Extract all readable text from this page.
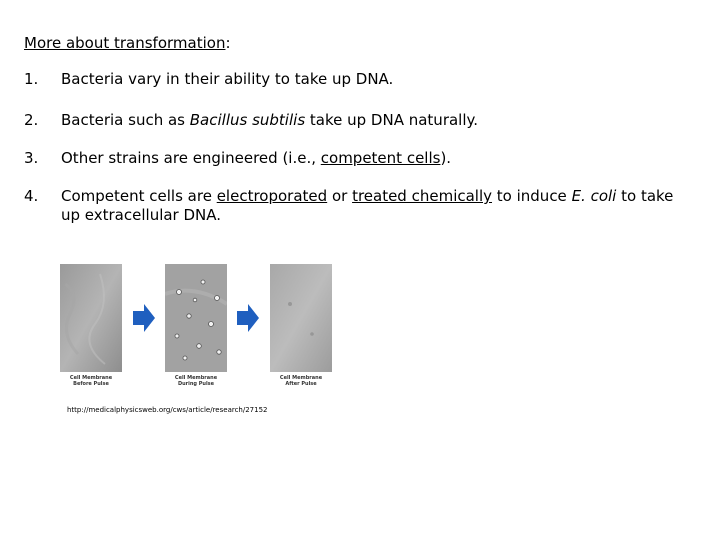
More about transformation:
1.	Bacteria vary in their ability to take up DNA.
2.	Bacteria such as Bacillus subtilis take up DNA naturally.
3.	Other strains are engineered (i.e., competent cells).
4.	Competent cells are electroporated or treated chemically to induce E. coli to take up extracellular DNA.
Cell Membrane
Before Pulse
Cell Membrane
During Pulse
Cell Membrane
After Pulse
http://medicalphysicsweb.org/cws/article/research/27152
